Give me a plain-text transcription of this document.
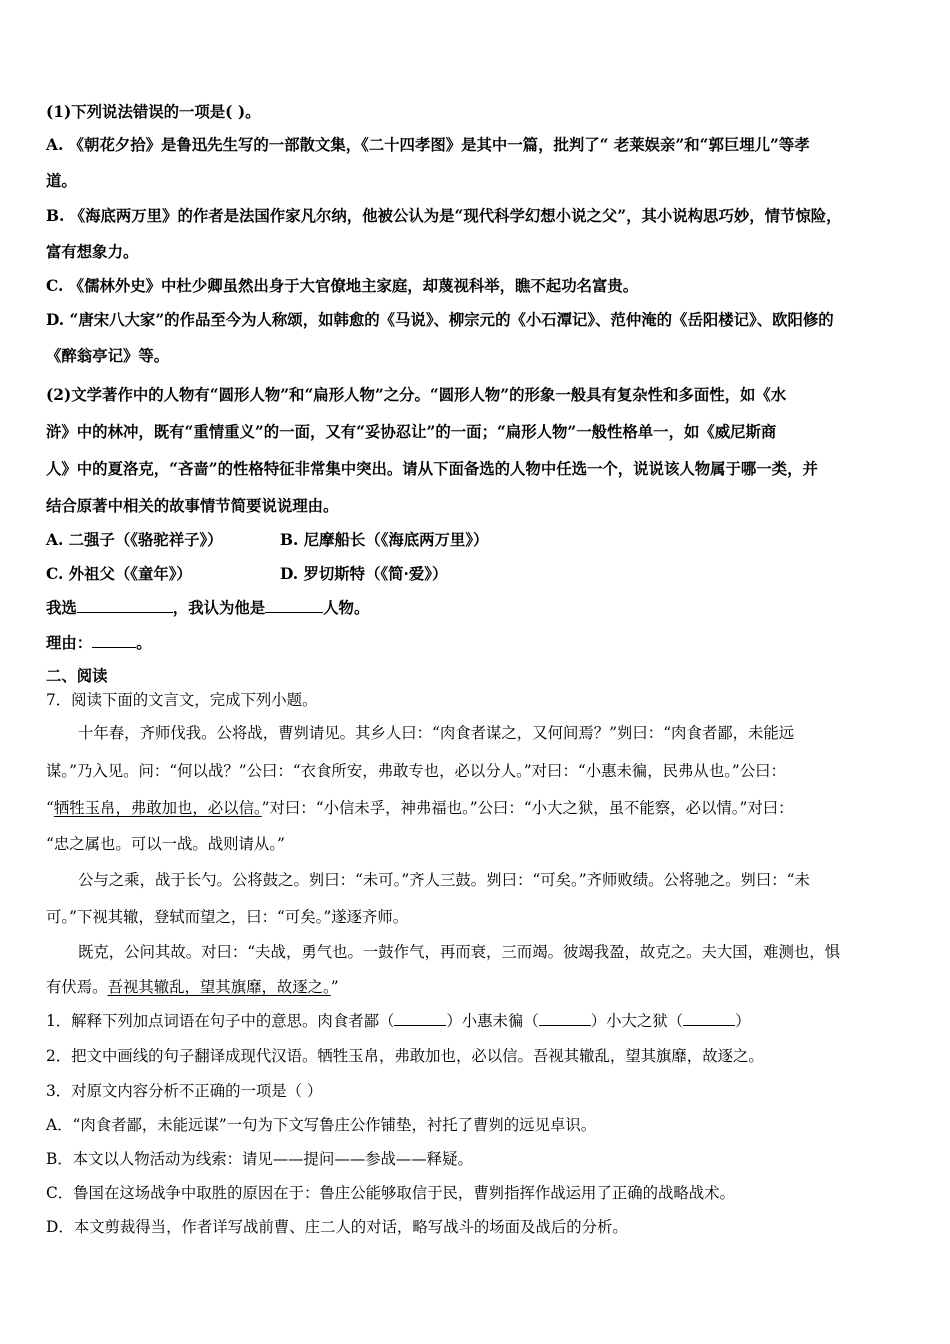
(1)下列说法错误的一项是( )。
A. 《朝花夕拾》是鲁迅先生写的一部散文集，《二十四孝图》是其中一篇，批判了“ 老莱娱亲”和“郭巨埋儿”等孝
道。
B. 《海底两万里》的作者是法国作家凡尔纳，他被公认为是“现代科学幻想小说之父”，其小说构思巧妙，情节惊险，
富有想象力。
C. 《儒林外史》中杜少卿虽然出身于大官僚地主家庭，却蔑视科举，瞧不起功名富贵。
D. “唐宋八大家”的作品至今为人称颂，如韩愈的《马说》、柳宗元的《小石潭记》、范仲淹的《岳阳楼记》、欧阳修的
《醉翁亭记》等。
(2)文学著作中的人物有“圆形人物”和“扁形人物”之分。“圆形人物”的形象一般具有复杂性和多面性，如《水
浒》中的林冲，既有“重情重义”的一面，又有“妥协忍让”的一面；“扁形人物”一般性格单一，如《威尼斯商
人》中的夏洛克，“吝啬”的性格特征非常集中突出。请从下面备选的人物中任选一个，说说该人物属于哪一类，并
结合原著中相关的故事情节简要说说理由。
A. 二强子（《骆驼祥子》）	B. 尼摩船长（《海底两万里》）
C. 外祖父（《童年》）	D. 罗切斯特（《简·爱》）
我选	，我认为他是	人物。
理由：	。
二、阅读
7．阅读下面的文言文，完成下列小题。
十年春，齐师伐我。公将战，曹刿请见。其乡人曰：“肉食者谋之，又何间焉？”刿曰：“肉食者鄙，未能远
谋。”乃入见。问：“何以战？”公曰：“衣食所安，弗敢专也，必以分人。”对曰：“小惠未徧，民弗从也。”公曰：
“牺牲玉帛，弗敢加也，必以信。”对曰：“小信未孚，神弗福也。”公曰：“小大之狱，虽不能察，必以情。”对曰：
“忠之属也。可以一战。战则请从。”
公与之乘，战于长勺。公将鼓之。刿曰：“未可。”齐人三鼓。刿曰：“可矣。”齐师败绩。公将驰之。刿曰：“未
可。”下视其辙，登轼而望之，曰：“可矣。”遂逐齐师。
既克，公问其故。对曰：“夫战，勇气也。一鼓作气，再而衰，三而竭。彼竭我盈，故克之。夫大国，难测也，惧
有伏焉。吾视其辙乱，望其旗靡，故逐之。”
1．解释下列加点词语在句子中的意思。肉食者鄙（	）小惠未徧（	）小大之狱（	）
2．把文中画线的句子翻译成现代汉语。牺牲玉帛，弗敢加也，必以信。吾视其辙乱，望其旗靡，故逐之。
3．对原文内容分析不正确的一项是（ ）
A．“肉食者鄙，未能远谋”一句为下文写鲁庄公作铺垫，衬托了曹刿的远见卓识。
B．本文以人物活动为线索：请见——提问——参战——释疑。
C．鲁国在这场战争中取胜的原因在于：鲁庄公能够取信于民，曹刿指挥作战运用了正确的战略战术。
D．本文剪裁得当，作者详写战前曹、庄二人的对话，略写战斗的场面及战后的分析。
